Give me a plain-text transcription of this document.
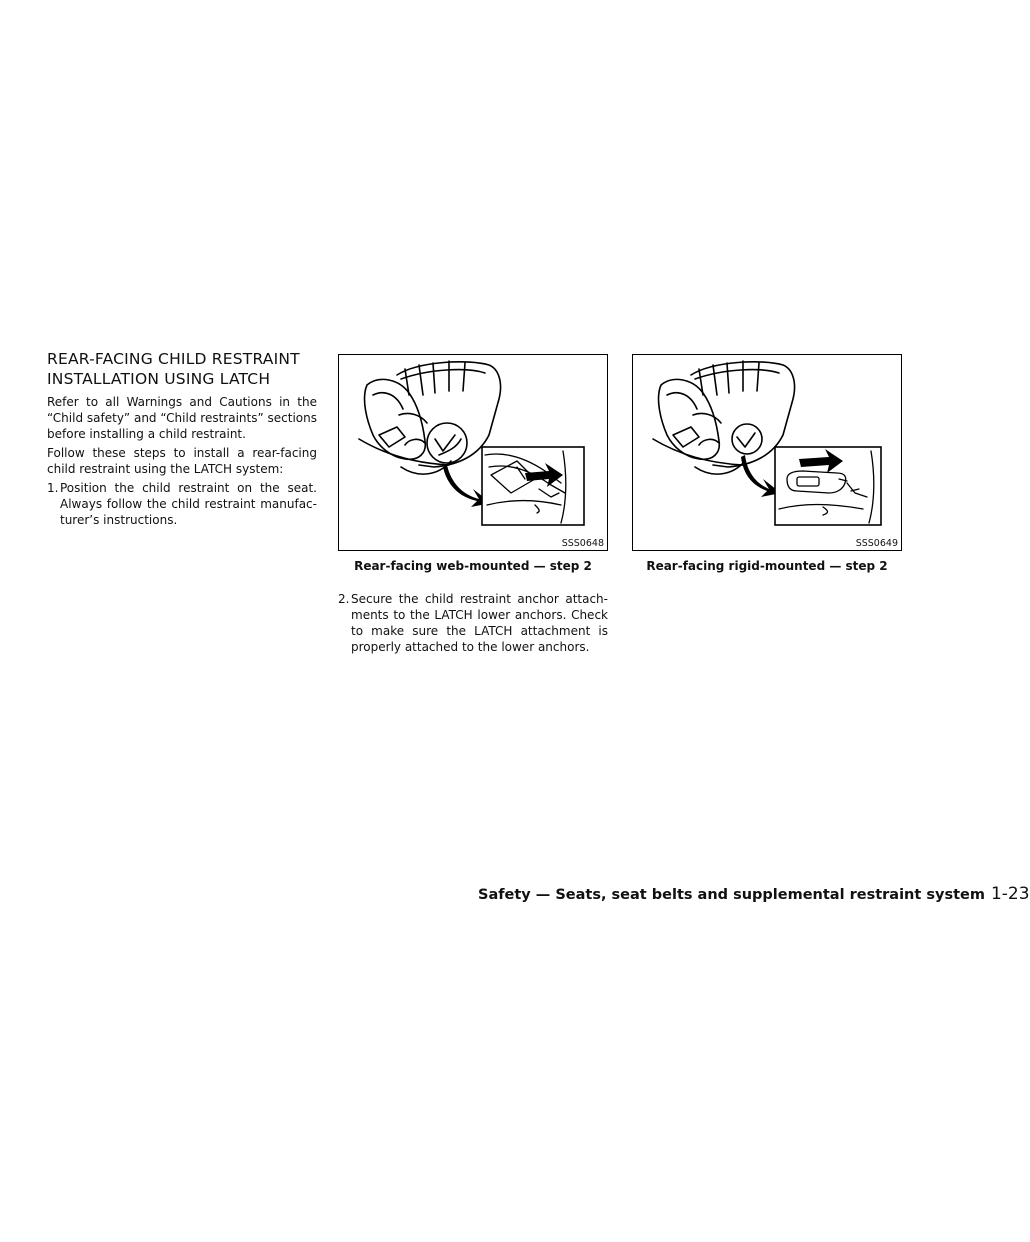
REAR-FACING CHILD RESTRAINT
INSTALLATION USING LATCH

Refer to all Warnings and Cautions in the “Child safety” and “Child restraints” sections before installing a child restraint.

Follow these steps to install a rear-facing child restraint using the LATCH system:

1. Position the child restraint on the seat. Always follow the child restraint manufac-turer’s instructions.
SSS0648

Rear-facing web-mounted — step 2

SSS0649

Rear-facing rigid-mounted — step 2

2. Secure the child restraint anchor attach-ments to the LATCH lower anchors. Check to make sure the LATCH attachment is properly attached to the lower anchors.
Safety — Seats, seat belts and supplemental restraint system 1-23
